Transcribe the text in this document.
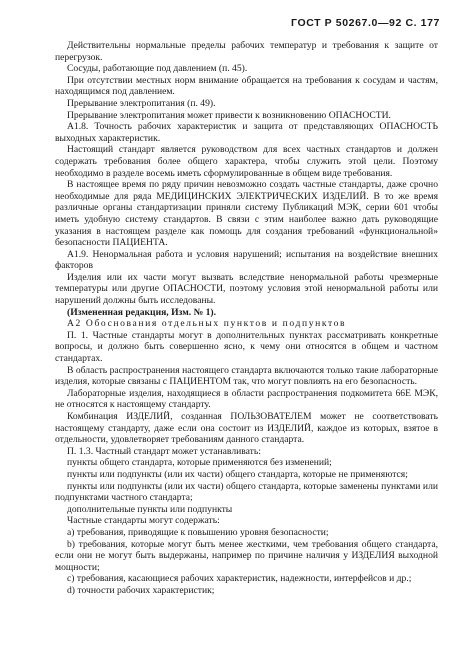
ГОСТ Р 50267.0—92 С. 177

Действительны нормальные пределы рабочих температур и требования к защите от перегрузок.

Сосуды, работающие под давлением (п. 45).

При отсутствии местных норм внимание обращается на требования к сосудам и частям, находящимся под давлением.

Прерывание электропитания (п. 49).

Прерывание электропитания может привести к возникновению ОПАСНОСТИ.

А1.8. Точность рабочих характеристик и защита от представляющих ОПАСНОСТЬ выходных характеристик.

Настоящий стандарт является руководством для всех частных стандартов и должен содержать требования более общего характера, чтобы служить этой цели. Поэтому необходимо в разделе восемь иметь сформулированные в общем виде требования.

В настоящее время по ряду причин невозможно создать частные стандарты, даже срочно необходимые для ряда МЕДИЦИНСКИХ ЭЛЕКТРИЧЕСКИХ ИЗДЕЛИЙ. В то же время различные органы стандартизации приняли систему Публикаций МЭК, серии 601 чтобы иметь удобную систему стандартов. В связи с этим наиболее важно дать руководящие указания в настоящем разделе как помощь для создания требований «функциональной» безопасности ПАЦИЕНТА.

А1.9. Ненормальная работа и условия нарушений; испытания на воздействие внешних факторов

Изделия или их части могут вызвать вследствие ненормальной работы чрезмерные температуры или другие ОПАСНОСТИ, поэтому условия этой ненормальной работы или нарушений должны быть исследованы.

(Измененная редакция, Изм. № 1).

А2 Обоснования отдельных пунктов и подпунктов

П. 1. Частные стандарты могут в дополнительных пунктах рассматривать конкретные вопросы, и должно быть совершенно ясно, к чему они относятся в общем и частном стандартах.

В область распространения настоящего стандарта включаются только такие лабораторные изделия, которые связаны с ПАЦИЕНТОМ так, что могут повлиять на его безопасность.

Лабораторные изделия, находящиеся в области распространения подкомитета 66Е МЭК, не относятся к настоящему стандарту.

Комбинация ИЗДЕЛИЙ, созданная ПОЛЬЗОВАТЕЛЕМ может не соответствовать настоящему стандарту, даже если она состоит из ИЗДЕЛИЙ, каждое из которых, взятое в отдельности, удовлетворяет требованиям данного стандарта.

П. 1.3. Частный стандарт может устанавливать:

пункты общего стандарта, которые применяются без изменений;

пункты или подпункты (или их части) общего стандарта, которые не применяются;

пункты или подпункты (или их части) общего стандарта, которые заменены пунктами или подпунктами частного стандарта;

дополнительные пункты или подпункты

Частные стандарты могут содержать:

а) требования, приводящие к повышению уровня безопасности;

b) требования, которые могут быть менее жесткими, чем требования общего стандарта, если они не могут быть выдержаны, например по причине наличия у ИЗДЕЛИЯ выходной мощности;

с) требования, касающиеся рабочих характеристик, надежности, интерфейсов и др.;

d) точности рабочих характеристик;
